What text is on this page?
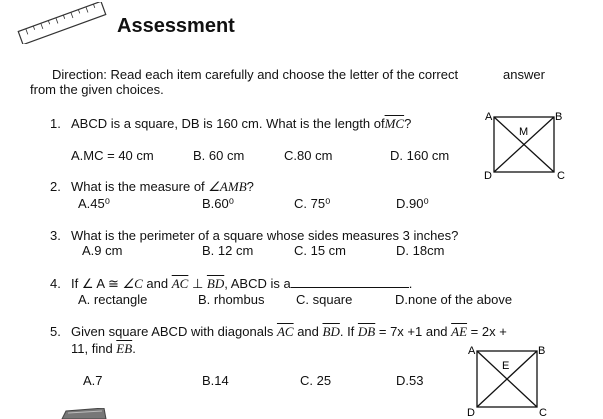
Assessment
Direction: Read each item carefully and choose the letter of the correct	answer
from the given choices.
1. ABCD is a square, DB is 160 cm. What is the length $of\overline{MC}$?
A.MC = 40 cm	B. 60 cm	C.80 cm	D. 160 cm
A	B
C
D
M
2. What is the measure of ∠AMB?
A.45⁰	B.60⁰	C. 75⁰	D.90⁰
3. What is the perimeter of a square whose sides measures 3 inches?
A.9 cm	B. 12 cm	C. 15 cm	D. 18cm
4. If ∠ A ≅ ∠C and $\overline{AC}$ ⊥ $\overline{BD}$, ABCD is a	.
A. rectangle	B. rhombus C. square	D.none of the above
5. Given square ABCD with diagonals $\overline{AC}$ and $\overline{BD}$. If $\overline{DB} = 7x +1$ and $\overline{AE} = 2x$ +
11, find $\overline{EB}$.
A.7	B.14	C. 25	D.53
A	B
C
D
E
